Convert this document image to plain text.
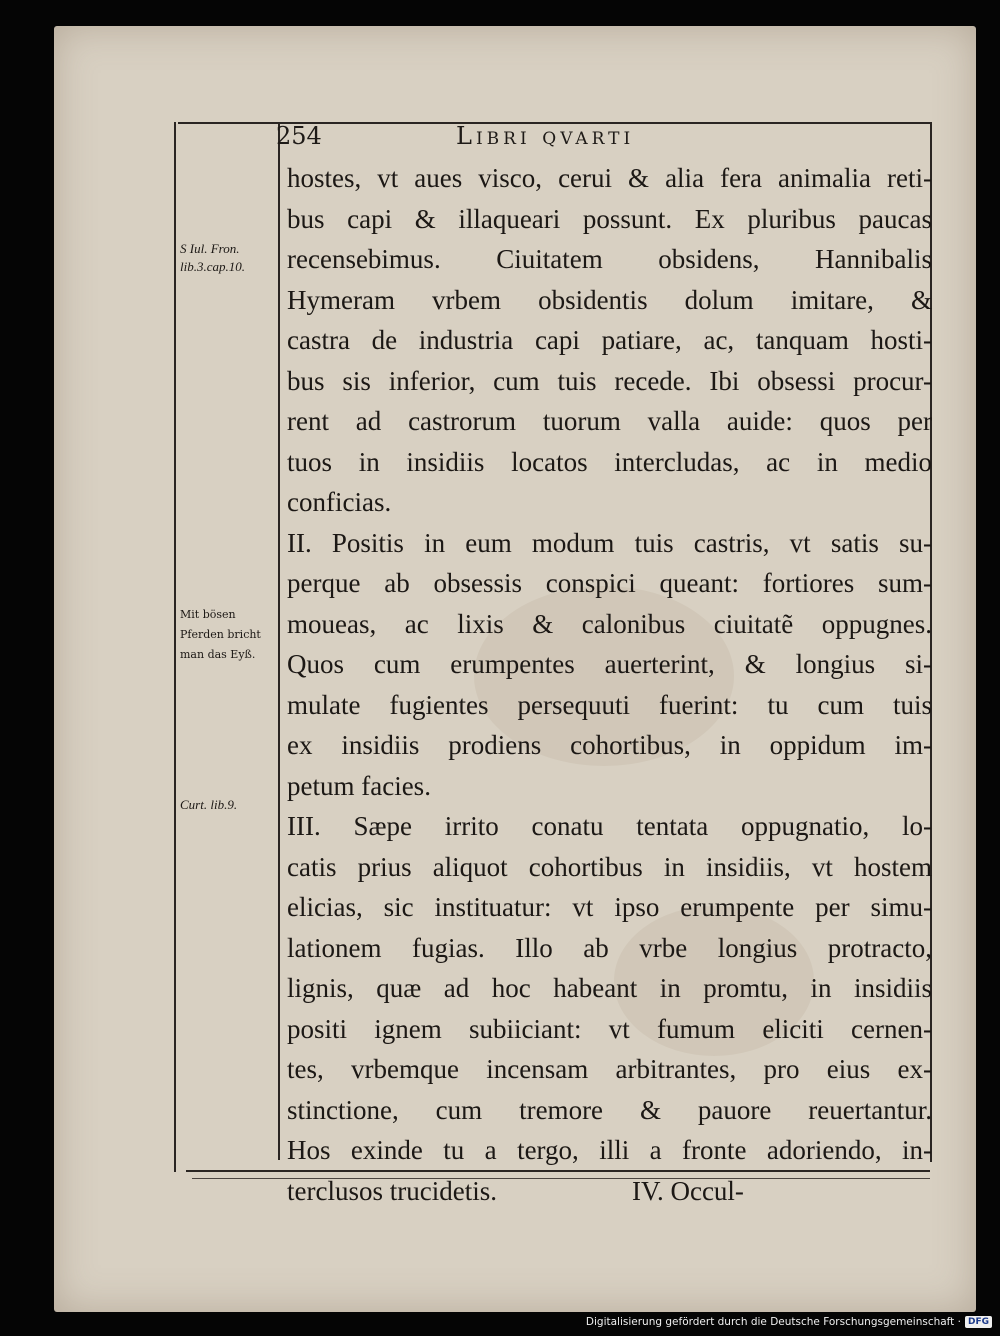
254	Libri qvarti
S Iul. Fron. lib.3.cap.10.
Mit bösen Pferden bricht man das Eyß.
Curt. lib.9.
hostes, vt aues visco, cerui & alia fera animalia reti-
bus capi & illaqueari possunt. Ex pluribus paucas
recensebimus. Ciuitatem obsidens, Hannibalis
Hymeram vrbem obsidentis dolum imitare, &
castra de industria capi patiare, ac, tanquam hosti-
bus sis inferior, cum tuis recede. Ibi obsessi procur-
rent ad castrorum tuorum valla auide: quos per
tuos in insidiis locatos intercludas, ac in medio
conficias.
II. Positis in eum modum tuis castris, vt satis su-
perque ab obsessis conspici queant: fortiores sum-
moueas, ac lixis & calonibus ciuitatẽ oppugnes.
Quos cum erumpentes auerterint, & longius si-
mulate fugientes persequuti fuerint: tu cum tuis
ex insidiis prodiens cohortibus, in oppidum im-
petum facies.
III. Sæpe irrito conatu tentata oppugnatio, lo-
catis prius aliquot cohortibus in insidiis, vt hostem
elicias, sic instituatur: vt ipso erumpente per simu-
lationem fugias. Illo ab vrbe longius protracto,
lignis, quæ ad hoc habeant in promtu, in insidiis
positi ignem subiiciant: vt fumum eliciti cernen-
tes, vrbemque incensam arbitrantes, pro eius ex-
stinctione, cum tremore & pauore reuertantur.
Hos exinde tu a tergo, illi a fronte adoriendo, in-
terclusos trucidetis.                    IV. Occul-
Digitalisierung gefördert durch die Deutsche Forschungsgemeinschaft · DFG
